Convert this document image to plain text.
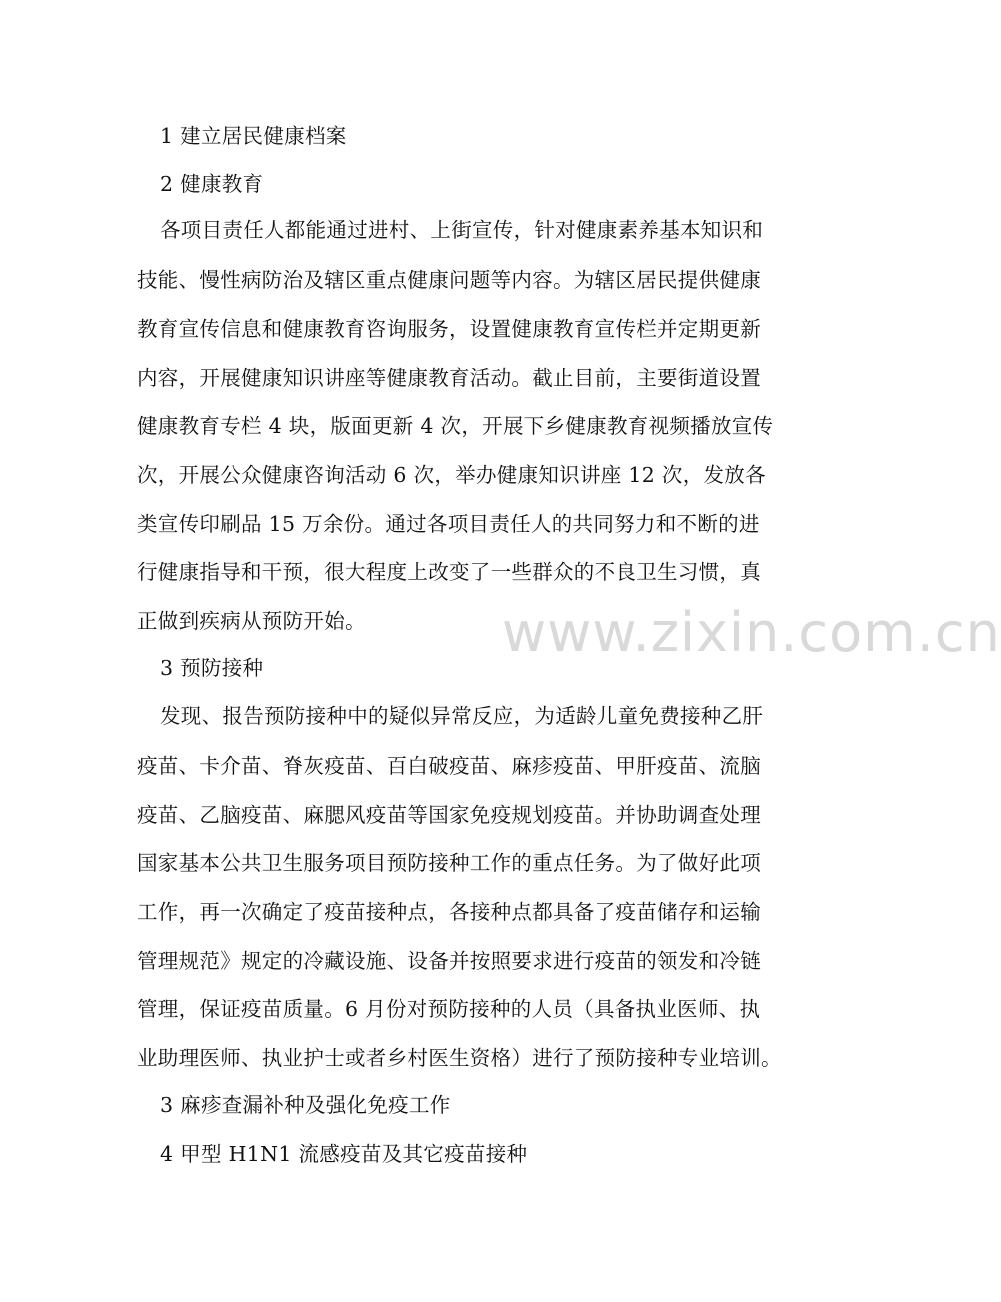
1 建立居民健康档案
2 健康教育
各项目责任人都能通过进村、上街宣传，针对健康素养基本知识和
技能、慢性病防治及辖区重点健康问题等内容。为辖区居民提供健康
教育宣传信息和健康教育咨询服务，设置健康教育宣传栏并定期更新
内容，开展健康知识讲座等健康教育活动。截止目前，主要街道设置
健康教育专栏 4 块，版面更新 4 次，开展下乡健康教育视频播放宣传
次，开展公众健康咨询活动 6 次，举办健康知识讲座 12 次，发放各
类宣传印刷品 15 万余份。通过各项目责任人的共同努力和不断的进
行健康指导和干预，很大程度上改变了一些群众的不良卫生习惯，真
正做到疾病从预防开始。	www.zixin.com.cn
3 预防接种
发现、报告预防接种中的疑似异常反应，为适龄儿童免费接种乙肝
疫苗、卡介苗、脊灰疫苗、百白破疫苗、麻疹疫苗、甲肝疫苗、流脑
疫苗、乙脑疫苗、麻腮风疫苗等国家免疫规划疫苗。并协助调查处理
国家基本公共卫生服务项目预防接种工作的重点任务。为了做好此项
工作，再一次确定了疫苗接种点，各接种点都具备了疫苗储存和运输
管理规范》规定的冷藏设施、设备并按照要求进行疫苗的领发和冷链
管理，保证疫苗质量。6 月份对预防接种的人员（具备执业医师、执
业助理医师、执业护士或者乡村医生资格）进行了预防接种专业培训。
3 麻疹查漏补种及强化免疫工作
4 甲型 H1N1 流感疫苗及其它疫苗接种
